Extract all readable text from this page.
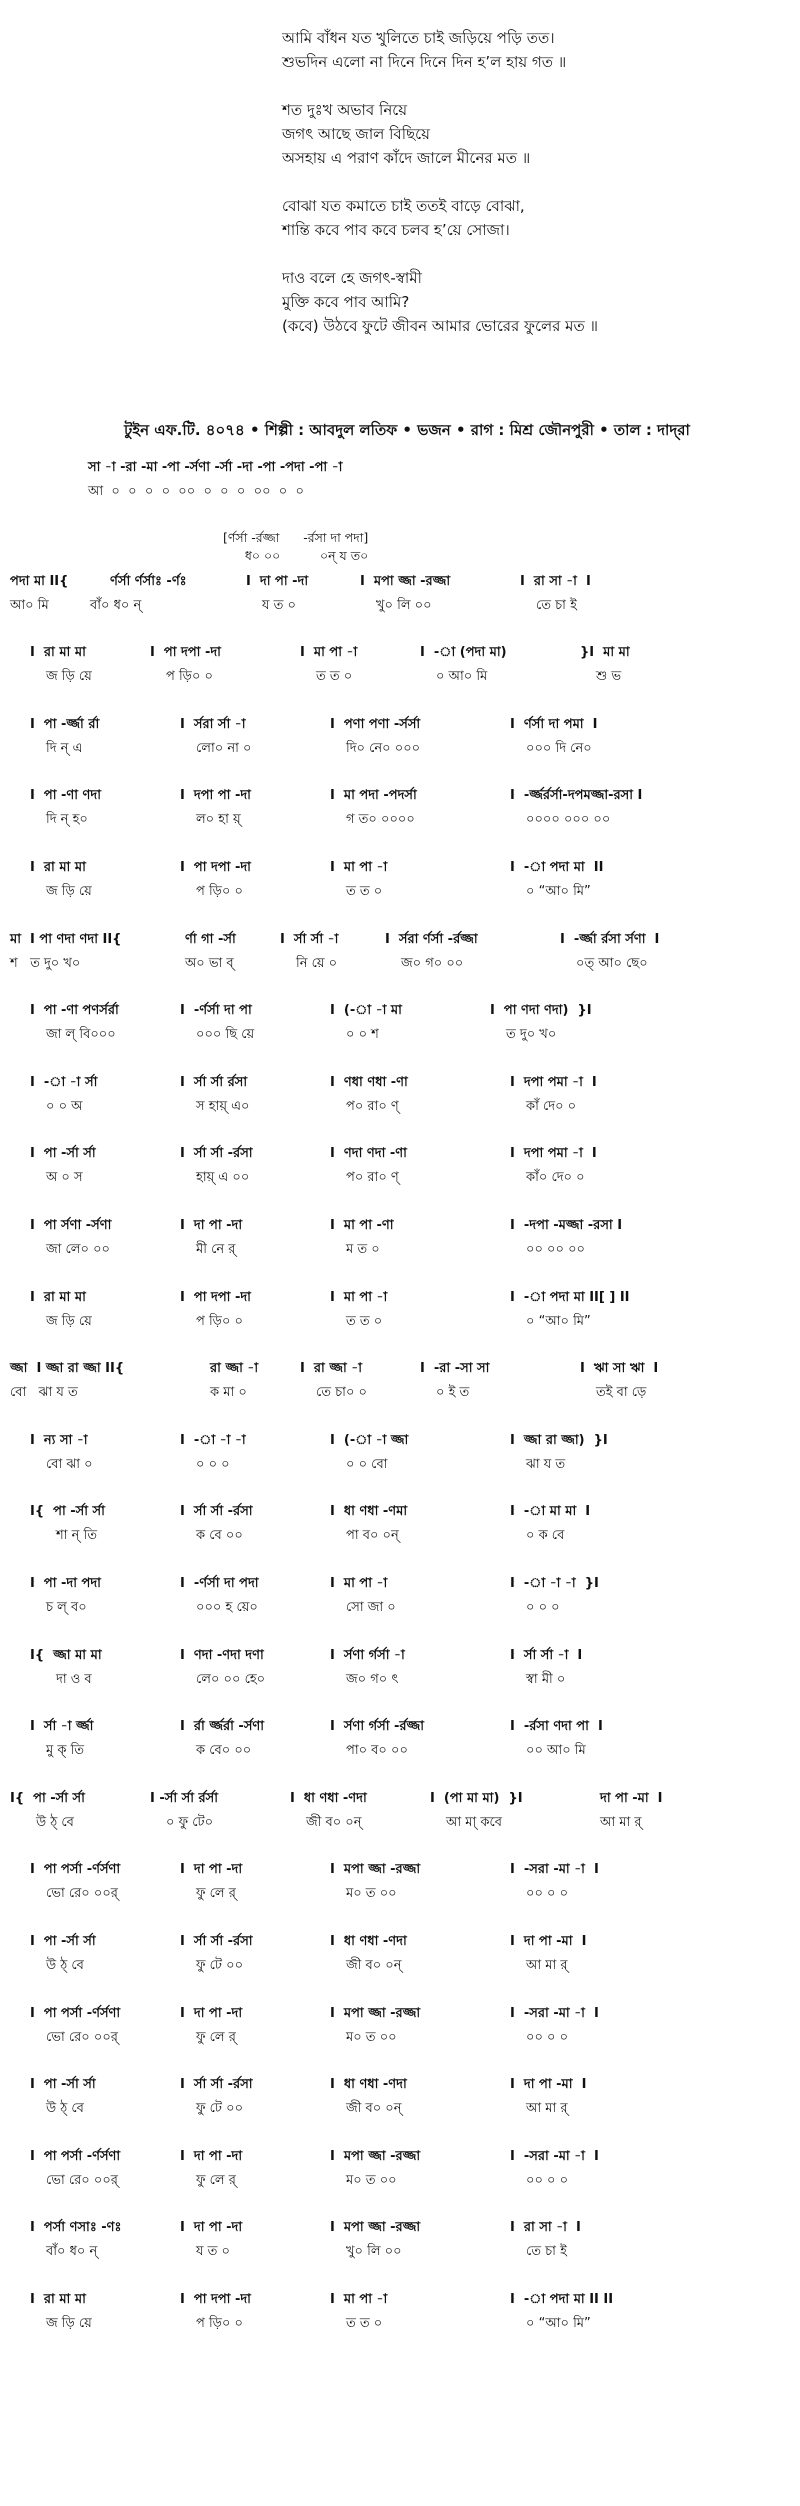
আমি বাঁধন যত খুলিতে চাই জড়িয়ে পড়ি তত।
শুভদিন এলো না দিনে দিনে দিন হ’ল হায় গত ॥
শত দুঃখ অভাব নিয়ে
জগৎ আছে জাল বিছিয়ে
অসহায় এ পরাণ কাঁদে জালে মীনের মত ॥
বোঝা যত কমাতে চাই ততই বাড়ে বোঝা,
শান্তি কবে পাব কবে চলব হ’য়ে সোজা।
দাও বলে হে জগৎ-স্বামী
মুক্তি কবে পাব আমি?
(কবে) উঠবে ফুটে জীবন আমার ভোরের ফুলের মত ॥
টুইন এফ.টি. ৪০৭৪ • শিল্পী : আবদুল লতিফ • ভজন • রাগ : মিশ্র জৌনপুরী • তাল : দাদ্‌রা
সা -া -রা -মা -পা -র্সণা -র্সা -দা -পা -পদা -পা -া
আ  ০  ০  ০  ০  ০০  ০  ০  ০  ০০  ০  ০
[র্ণর্সা -র্রজ্জা      -র্রসা দা পদা]
ধ০ ০০          ০ন্‌ য ত০
পদা মা II{	র্ণর্সা র্ণর্সাঃ -র্ণঃ	I  দা পা -দা	I  মপা জ্জা -রজ্জা	I  রা সা -া  I
আ০ মি	বাঁ০ ধ০ ন্‌	য ত ০	খু০ লি ০০	তে চা ই
I  রা মা মা	I  পা দপা -দা	I  মা পা -া	I  -া (পদা মা)	}I  মা মা
জ ড়ি য়ে	প ড়ি০ ০	ত ত ০	০ আ০ মি	শু ভ
I  পা -র্জ্জা র্রা	I  র্সরা র্সা -া	I  পণা পণা -র্সর্সা	I  র্ণর্সা দা পমা  I
দি ন্‌ এ	লো০ না ০	দি০ নে০ ০০০	০০০ দি নে০
I  পা -ণা ণদা	I  দপা পা -দা	I  মা পদা -পদর্সা	I  -র্জ্জর্রর্সা-দপমজ্জা-রসা I
দি ন্‌ হ০	ল০ হা য়্‌	গ ত০ ০০০০	০০০০ ০০০ ০০
I  রা মা মা	I  পা দপা -দা	I  মা পা -া	I  -া পদা মা  II
জ ড়ি য়ে	প ড়ি০ ০	ত ত ০	০ “আ০ মি”
মা  I পা ণদা ণদা II{	র্ণা গা -র্সা	I  র্সা র্সা -া	I  র্সরা র্ণর্সা -র্রজ্জা	I  -র্জ্জা র্রসা র্সণা  I
শ   ত দু০ খ০	অ০ ভা ব্‌	নি য়ে ০	জ০ গ০ ০০	০ত্‌ আ০ ছে০
I  পা -ণা পণর্সর্রা	I  -র্ণর্সা দা পা	I  (-া -া মা	I  পা ণদা ণদা)  }I
জা ল্‌ বি০০০	০০০ ছি য়ে	০ ০ শ	ত দু০ খ০
I  -া -া র্সা	I  র্সা র্সা র্রসা	I  ণধা ণধা -ণা	I  দপা পমা -া  I
০ ০ অ	স হায়্‌ এ০	প০ রা০ ণ্‌	কাঁ দে০ ০
I  পা -র্সা র্সা	I  র্সা র্সা -র্রসা	I  ণদা ণদা -ণা	I  দপা পমা -া  I
অ ০ স	হায়্‌ এ ০০	প০ রা০ ণ্‌	কাঁ০ দে০ ০
I  পা র্সণা -র্সণা	I  দা পা -দা	I  মা পা -ণা	I  -দপা -মজ্জা -রসা I
জা লে০ ০০	মী নে র্‌	ম ত ০	০০ ০০ ০০
I  রা মা মা	I  পা দপা -দা	I  মা পা -া	I  -া পদা মা II[ ] II
জ ড়ি য়ে	প ড়ি০ ০	ত ত ০	০ “আ০ মি”
জ্জা  I জ্জা রা জ্জা II{	রা জ্জা -া	I  রা জ্জা -া	I  -রা -সা সা	I  ঋা সা ঋা  I
বো   ঝা য ত	ক মা ০	তে চা০ ০	০ ই ত	তই বা ড়ে
I  ন্য সা -া	I  -া -া -া	I  (-া -া জ্জা	I  জ্জা রা জ্জা)  }I
বো ঝা ০	০ ০ ০	০ ০ বো	ঝা য ত
I{  পা -র্সা র্সা	I  র্সা র্সা -র্রসা	I  ধা ণধা -ণমা	I  -া মা মা  I
শা ন্‌ তি	ক বে ০০	পা ব০ ০ন্‌	০ ক বে
I  পা -দা পদা	I  -র্ণর্সা দা পদা	I  মা পা -া	I  -া -া -া  }I
চ ল্‌ ব০	০০০ হ য়ে০	সো জা ০	০ ০ ০
I{  জ্জা মা মা	I  ণদা -ণদা দণা	I  র্সণা র্গর্সা -া	I  র্সা র্সা -া  I
দা ও ব	লে০ ০০ হে০	জ০ গ০ ৎ	স্বা মী ০
I  র্সা -া র্জ্জা	I  র্রা র্জ্জর্রা -র্সণা	I  র্সণা র্গর্সা -র্রজ্জা	I  -র্রসা ণদা পা  I
মু ক্‌ তি	ক বে০ ০০	পা০ ব০ ০০	০০ আ০ মি
I{  পা -র্সা র্সা	I -র্সা র্সা র্রর্সা	I  ধা ণধা -ণদা	I  (পা মা মা)  }I	দা পা -মা  I
উ ঠ্‌ বে	০ ফু টে০	জী ব০ ০ন্‌	আ মা্‌ কবে	আ মা র্‌
I  পা পর্সা -র্ণর্সণা	I  দা পা -দা	I  মপা জ্জা -রজ্জা	I  -সরা -মা -া  I
ভো রে০ ০০র্‌	ফু লে র্‌	ম০ ত ০০	০০ ০ ০
I  পা -র্সা র্সা	I  র্সা র্সা -র্রসা	I  ধা ণধা -ণদা	I  দা পা -মা  I
উ ঠ্‌ বে	ফু টে ০০	জী ব০ ০ন্‌	আ মা র্‌
I  পা পর্সা -র্ণর্সণা	I  দা পা -দা	I  মপা জ্জা -রজ্জা	I  -সরা -মা -া  I
ভো রে০ ০০র্‌	ফু লে র্‌	ম০ ত ০০	০০ ০ ০
I  পা -র্সা র্সা	I  র্সা র্সা -র্রসা	I  ধা ণধা -ণদা	I  দা পা -মা  I
উ ঠ্‌ বে	ফু টে ০০	জী ব০ ০ন্‌	আ মা র্‌
I  পা পর্সা -র্ণর্সণা	I  দা পা -দা	I  মপা জ্জা -রজ্জা	I  -সরা -মা -া  I
ভো রে০ ০০র্‌	ফু লে র্‌	ম০ ত ০০	০০ ০ ০
I  পর্সা ণসাঃ -ণঃ	I  দা পা -দা	I  মপা জ্জা -রজ্জা	I  রা সা -া  I
বাঁ০ ধ০ ন্‌	য ত ০	খু০ লি ০০	তে চা ই
I  রা মা মা	I  পা দপা -দা	I  মা পা -া	I  -া পদা মা II II
জ ড়ি য়ে	প ড়ি০ ০	ত ত ০	০ “আ০ মি”
